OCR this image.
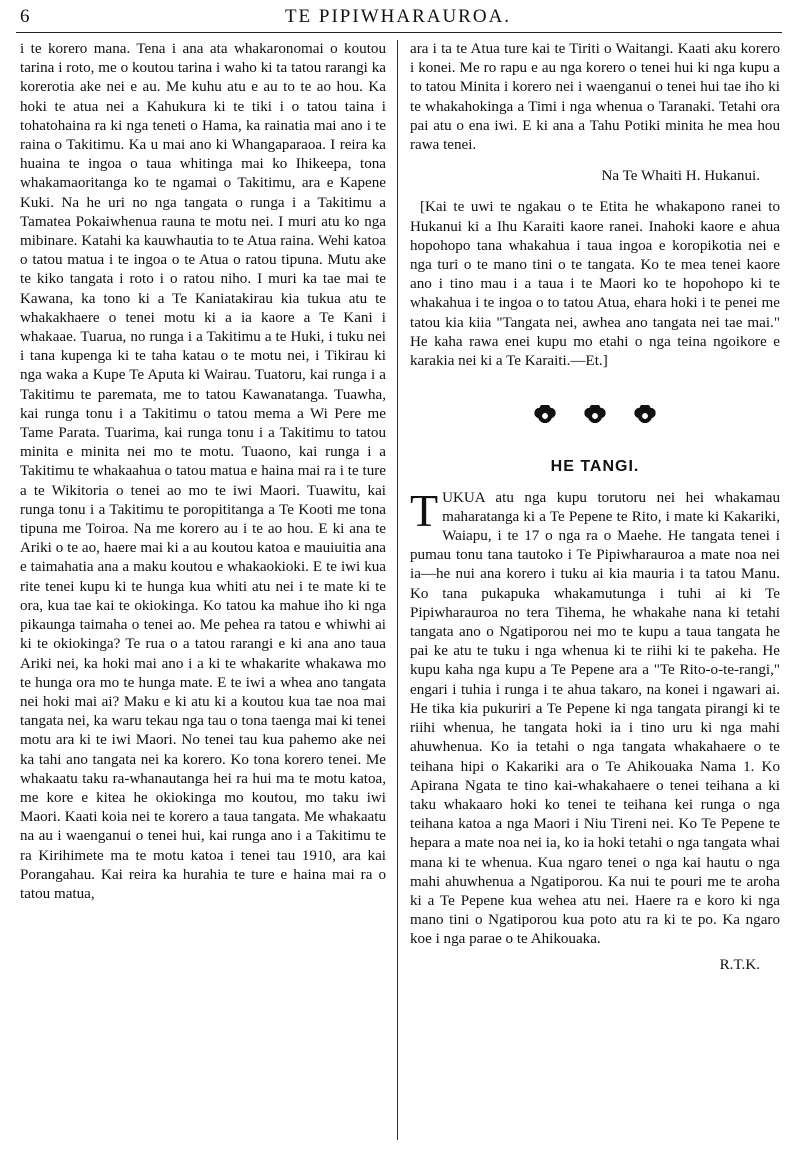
6	TE PIPIWHARAUROA.

i te korero mana. Tena i ana ata whakaronomai o koutou tarina i roto, me o koutou tarina i waho ki ta tatou rarangi ka korerotia ake nei e au. Me kuhu atu e au to te ao hou. Ka hoki te atua nei a Kahukura ki te tiki i o tatou taina i tohatohaina ra ki nga teneti o Hama, ka rainatia mai ano i te raina o Takitimu. Ka u mai ano ki Whangaparaoa. I reira ka huaina te ingoa o taua whitinga mai ko Ihikeepa, tona whakamaoritanga ko te ngamai o Takitimu, ara e Kapene Kuki. Na he uri no nga tangata o runga i a Takitimu a Tamatea Pokaiwhenua rauna te motu nei. I muri atu ko nga mibinare. Katahi ka kauwhautia to te Atua raina. Wehi katoa o tatou matua i te ingoa o te Atua o ratou tipuna. Mutu ake te kiko tangata i roto i o ratou niho. I muri ka tae mai te Kawana, ka tono ki a Te Kaniatakirau kia tukua atu te whakakhaere o tenei motu ki a ia kaore a Te Kani i whakaae. Tuarua, no runga i a Takitimu a te Huki, i tuku nei i tana kupenga ki te taha katau o te motu nei, i Tikirau ki nga waka a Kupe Te Aputa ki Wairau. Tuatoru, kai runga i a Takitimu te paremata, me to tatou Kawanatanga. Tuawha, kai runga tonu i a Takitimu o tatou mema a Wi Pere me Tame Parata. Tuarima, kai runga tonu i a Takitimu to tatou minita e minita nei mo te motu. Tuaono, kai runga i a Takitimu te whakaahua o tatou matua e haina mai ra i te ture a te Wikitoria o tenei ao mo te iwi Maori. Tuawitu, kai runga tonu i a Takitimu te poropititanga a Te Kooti me tona tipuna me Toiroa. Na me korero au i te ao hou. E ki ana te Ariki o te ao, haere mai ki a au koutou katoa e mauiuitia ana e taimahatia ana a maku koutou e whakaokioki. E te iwi kua rite tenei kupu ki te hunga kua whiti atu nei i te mate ki te ora, kua tae kai te okiokinga. Ko tatou ka mahue iho ki nga pikaunga taimaha o tenei ao. Me pehea ra tatou e whiwhi ai ki te okiokinga? Te rua o a tatou rarangi e ki ana ano taua Ariki nei, ka hoki mai ano i a ki te whakarite whakawa mo te hunga ora mo te hunga mate. E te iwi a whea ano tangata nei hoki mai ai? Maku e ki atu ki a koutou kua tae noa mai tangata nei, ka waru tekau nga tau o tona taenga mai ki tenei motu ara ki te iwi Maori. No tenei tau kua pahemo ake nei ka tahi ano tangata nei ka korero. Ko tona korero tenei. Me whakaatu taku ra-whanautanga hei ra hui ma te motu katoa, me kore e kitea he okiokinga mo koutou, mo taku iwi Maori. Kaati koia nei te korero a taua tangata. Me whakaatu na au i waenganui o tenei hui, kai runga ano i a Takitimu te ra Kirihimete ma te motu katoa i tenei tau 1910, ara kai Porangahau. Kai reira ka hurahia te ture e haina mai ra o tatou matua,

ara i ta te Atua ture kai te Tiriti o Waitangi. Kaati aku korero i konei. Me ro rapu e au nga korero o tenei hui ki nga kupu a to tatou Minita i korero nei i waenganui o tenei hui tae iho ki te whakahokinga a Timi i nga whenua o Taranaki. Tetahi ora pai atu o ena iwi. E ki ana a Tahu Potiki minita he mea hou rawa tenei.

Na Te Whaiti H. Hukanui.

[Kai te uwi te ngakau o te Etita he whakapono ranei to Hukanui ki a Ihu Karaiti kaore ranei. Inahoki kaore e ahua hopohopo tana whakahua i taua ingoa e koropikotia nei e nga turi o te mano tini o te tangata. Ko te mea tenei kaore ano i tino mau i a taua i te Maori ko te hopohopo ki te whakahua i te ingoa o to tatou Atua, ehara hoki i te penei me tatou kia kiia "Tangata nei, awhea ano tangata nei tae mai." He kaha rawa enei kupu mo etahi o nga teina ngoikore e karakia nei ki a Te Karaiti.—Et.]

HE TANGI.

TUKUA atu nga kupu torutoru nei hei whakamau maharatanga ki a Te Pepene te Rito, i mate ki Kakariki, Waiapu, i te 17 o nga ra o Maehe. He tangata tenei i pumau tonu tana tautoko i Te Pipiwharauroa a mate noa nei ia—he nui ana korero i tuku ai kia mauria i ta tatou Manu. Ko tana pukapuka whakamutunga i tuhi ai ki Te Pipiwharauroa no tera Tihema, he whakahe nana ki tetahi tangata ano o Ngatiporou nei mo te kupu a taua tangata he pai ke atu te tuku i nga whenua ki te riihi ki te pakeha. He kupu kaha nga kupu a Te Pepene ara a "Te Rito-o-te-rangi," engari i tuhia i runga i te ahua takaro, na konei i ngawari ai. He tika kia pukuriri a Te Pepene ki nga tangata pirangi ki te riihi whenua, he tangata hoki ia i tino uru ki nga mahi ahuwhenua. Ko ia tetahi o nga tangata whakahaere o te teihana hipi o Kakariki ara o Te Ahikouaka Nama 1. Ko Apirana Ngata te tino kai-whakahaere o tenei teihana a ki taku whakaaro hoki ko tenei te teihana kei runga o nga teihana katoa a nga Maori i Niu Tireni nei. Ko Te Pepene te hepara a mate noa nei ia, ko ia hoki tetahi o nga tangata whai mana ki te whenua. Kua ngaro tenei o nga kai hautu o nga mahi ahuwhenua a Ngatiporou. Ka nui te pouri me te aroha ki a Te Pepene kua wehea atu nei. Haere ra e koro ki nga mano tini o Ngatiporou kua poto atu ra ki te po. Ka ngaro koe i nga parae o te Ahikouaka.

R.T.K.
